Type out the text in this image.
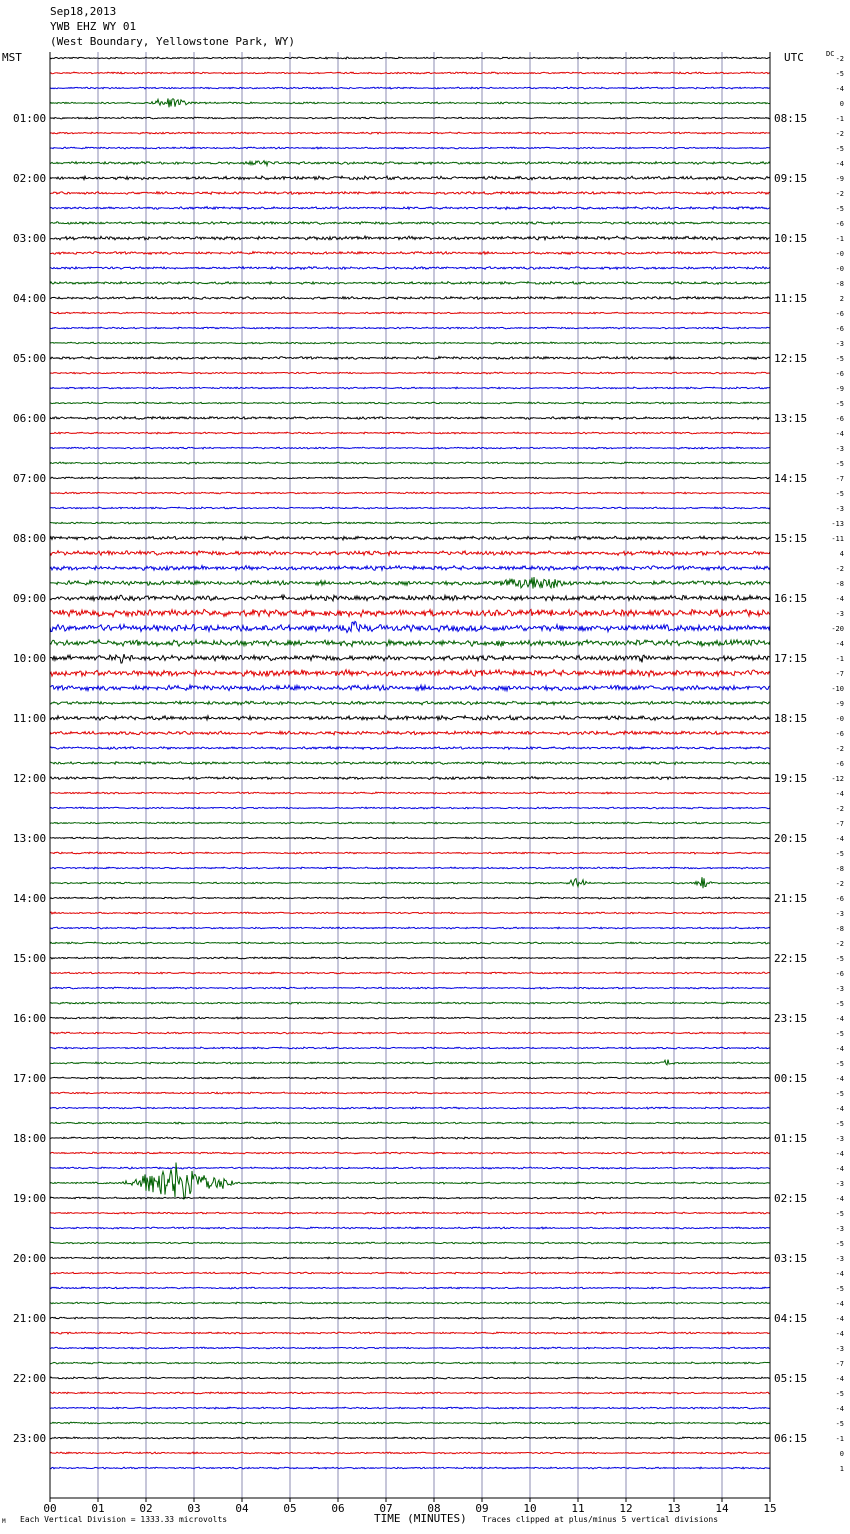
Sep18,2013
YWB EHZ WY 01
(West Boundary, Yellowstone Park, WY)
MST	UTC	DC
01:00
02:00
03:00
04:00
05:00
06:00
07:00
08:00
09:00
10:00
11:00
12:00
13:00
14:00
15:00
16:00
17:00
18:00
19:00
20:00
21:00
22:00
23:00
08:15
09:15
10:15
11:15
12:15
13:15
14:15
15:15
16:15
17:15
18:15
19:15
20:15
21:15
22:15
23:15
00:15
01:15
02:15
03:15
04:15
05:15
06:15
-2
-5
-4
0
-1
-2
-5
-4
-9
-2
-5
-6
-1
-0
-0
-8
2
-6
-6
-3
-5
-6
-9
-5
-6
-4
-3
-5
-7
-5
-3
-13
-11
4
-2
-8
-4
-3
-20
-4
-1
-7
-10
-9
-0
-6
-2
-6
-12
-4
-2
-7
-4
-5
-8
-2
-6
-3
-8
-2
-5
-6
-3
-5
-4
-5
-4
-5
-4
-5
-4
-5
-3
-4
-4
-3
-4
-5
-3
-5
-3
-4
-5
-4
-4
-4
-3
-7
-4
-5
-4
-5
-1
0
1
00	01	02	03	04	05	06	07	08	09	10	11	12	13	14	15
M Each Vertical Division = 1333.33 microvolts	TIME (MINUTES) Traces clipped at plus/minus 5 vertical divisions
